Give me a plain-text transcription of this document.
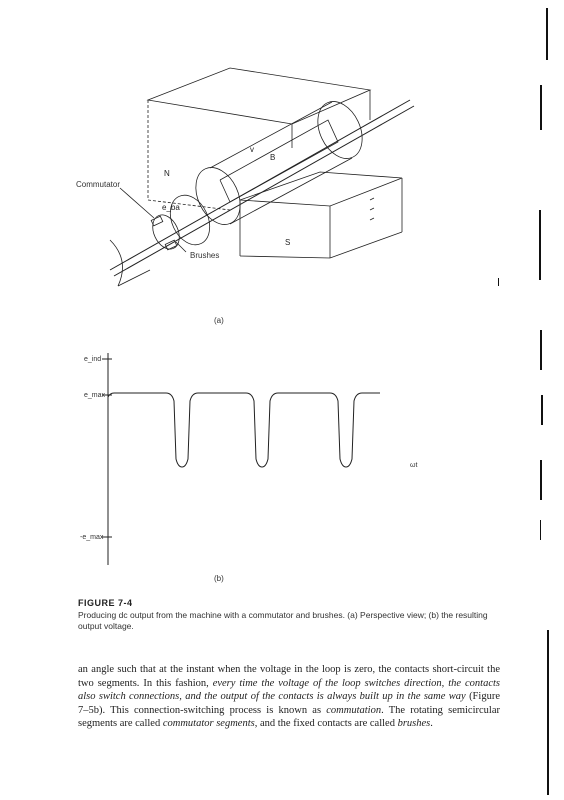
N
S
B
v
e_ba
Commutator
Brushes
(a)
e_ind
e_max
-e_max
ωt
(b)
FIGURE 7-4
Producing dc output from the machine with a commutator and brushes. (a) Perspective view; (b) the resulting output voltage.
an angle such that at the instant when the voltage in the loop is zero, the contacts short-circuit the two segments. In this fashion, every time the voltage of the loop switches direction, the contacts also switch connections, and the output of the contacts is always built up in the same way (Figure 7–5b). This connection-switching process is known as commutation. The rotating semicircular segments are called commutator segments, and the fixed contacts are called brushes.
